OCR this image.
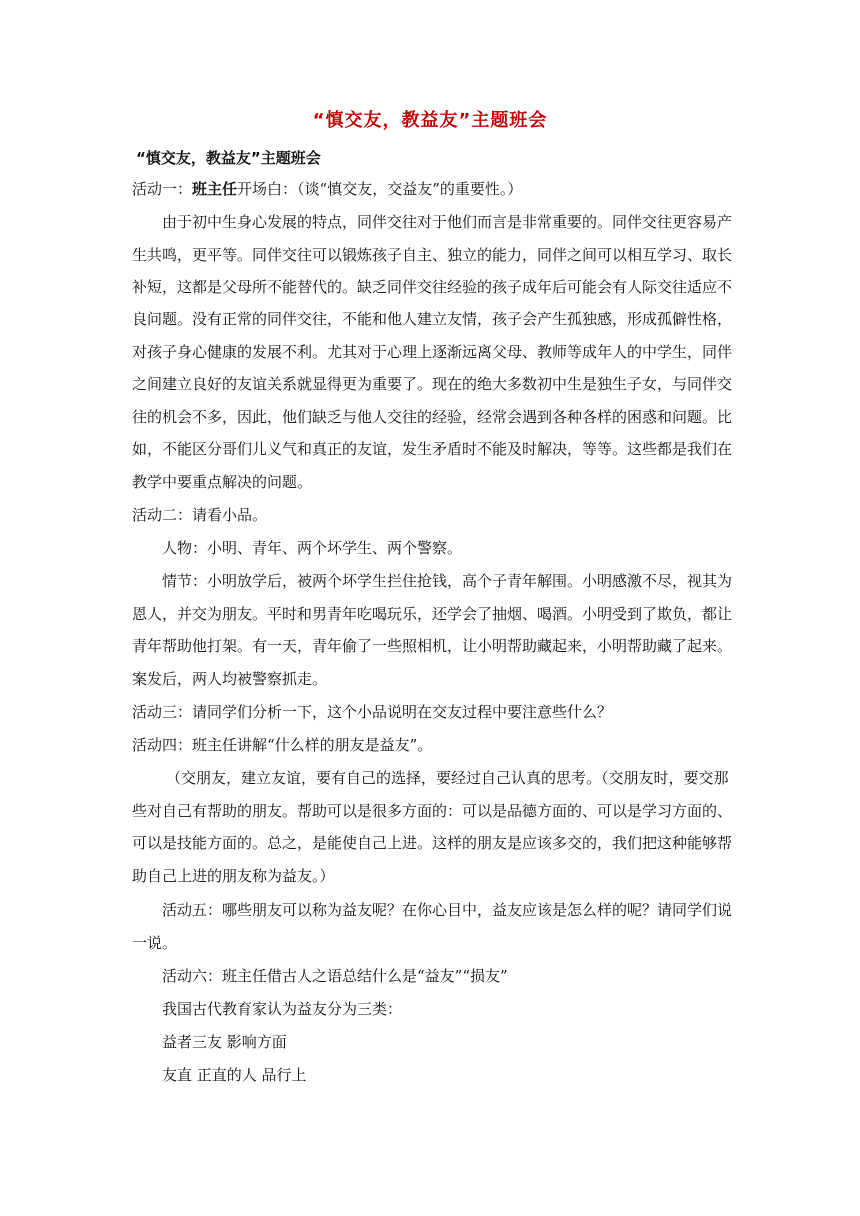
“慎交友，教益友”主题班会
“慎交友，教益友”主题班会
活动一：班主任开场白：（谈“慎交友，交益友”的重要性。）
由于初中生身心发展的特点，同伴交往对于他们而言是非常重要的。同伴交往更容易产
生共鸣，更平等。同伴交往可以锻炼孩子自主、独立的能力，同伴之间可以相互学习、取长
补短，这都是父母所不能替代的。缺乏同伴交往经验的孩子成年后可能会有人际交往适应不
良问题。没有正常的同伴交往，不能和他人建立友情，孩子会产生孤独感，形成孤僻性格，
对孩子身心健康的发展不利。尤其对于心理上逐渐远离父母、教师等成年人的中学生，同伴
之间建立良好的友谊关系就显得更为重要了。现在的绝大多数初中生是独生子女，与同伴交
往的机会不多，因此，他们缺乏与他人交往的经验，经常会遇到各种各样的困惑和问题。比
如，不能区分哥们儿义气和真正的友谊，发生矛盾时不能及时解决，等等。这些都是我们在
教学中要重点解决的问题。
活动二：请看小品。
人物：小明、青年、两个坏学生、两个警察。
情节：小明放学后，被两个坏学生拦住抢钱，高个子青年解围。小明感激不尽，视其为
恩人，并交为朋友。平时和男青年吃喝玩乐，还学会了抽烟、喝酒。小明受到了欺负，都让
青年帮助他打架。有一天，青年偷了一些照相机，让小明帮助藏起来，小明帮助藏了起来。
案发后，两人均被警察抓走。
活动三：请同学们分析一下，这个小品说明在交友过程中要注意些什么？
活动四：班主任讲解“什么样的朋友是益友”。
（交朋友，建立友谊，要有自己的选择，要经过自己认真的思考。（交朋友时，要交那
些对自己有帮助的朋友。帮助可以是很多方面的：可以是品德方面的、可以是学习方面的、
可以是技能方面的。总之，是能使自己上进。这样的朋友是应该多交的，我们把这种能够帮
助自己上进的朋友称为益友。）
活动五：哪些朋友可以称为益友呢？在你心目中，益友应该是怎么样的呢？请同学们说
一说。
活动六：班主任借古人之语总结什么是“益友”“损友”
我国古代教育家认为益友分为三类：
益者三友 影响方面
友直 正直的人 品行上
